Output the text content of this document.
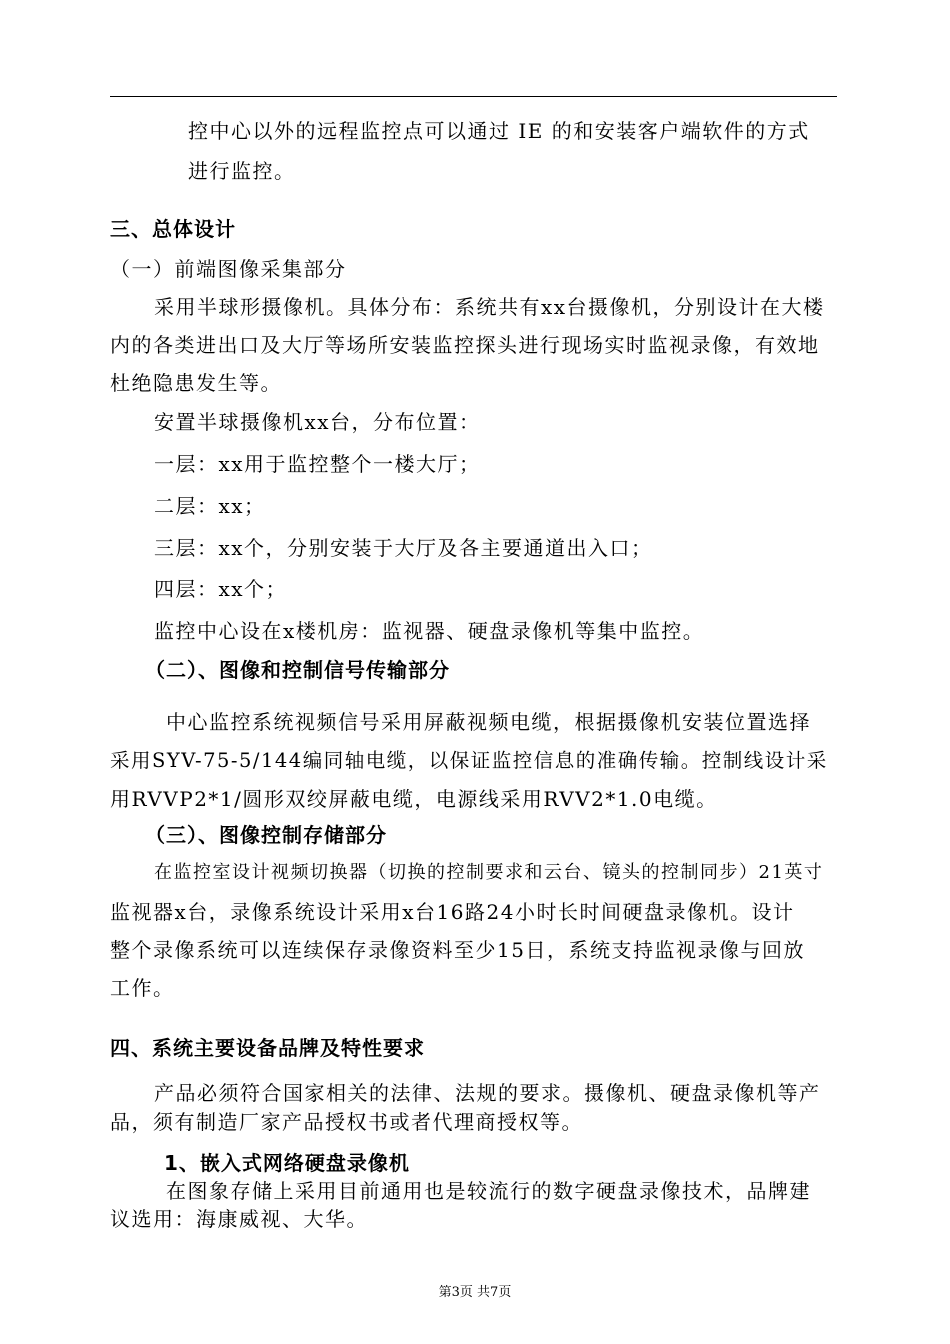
控中心以外的远程监控点可以通过 IE 的和安装客户端软件的方式
进行监控。
三、总体设计
（一）前端图像采集部分
采用半球形摄像机。具体分布：系统共有xx台摄像机，分别设计在大楼
内的各类进出口及大厅等场所安装监控探头进行现场实时监视录像，有效地
杜绝隐患发生等。
安置半球摄像机xx台，分布位置：
一层：xx用于监控整个一楼大厅；
二层：xx；
三层：xx个，分别安装于大厅及各主要通道出入口；
四层：xx个；
监控中心设在x楼机房：监视器、硬盘录像机等集中监控。
（二）、图像和控制信号传输部分
中心监控系统视频信号采用屏蔽视频电缆，根据摄像机安装位置选择
采用SYV-75-5/144编同轴电缆，以保证监控信息的准确传输。控制线设计采
用RVVP2*1/圆形双绞屏蔽电缆，电源线采用RVV2*1.0电缆。
（三）、图像控制存储部分
在监控室设计视频切换器（切换的控制要求和云台、镜头的控制同步）21英寸
监视器x台，录像系统设计采用x台16路24小时长时间硬盘录像机。设计
整个录像系统可以连续保存录像资料至少15日，系统支持监视录像与回放
工作。
四、系统主要设备品牌及特性要求
产品必须符合国家相关的法律、法规的要求。摄像机、硬盘录像机等产
品，须有制造厂家产品授权书或者代理商授权等。
1、嵌入式网络硬盘录像机
在图象存储上采用目前通用也是较流行的数字硬盘录像技术，品牌建
议选用：海康威视、大华。
第3页 共7页
